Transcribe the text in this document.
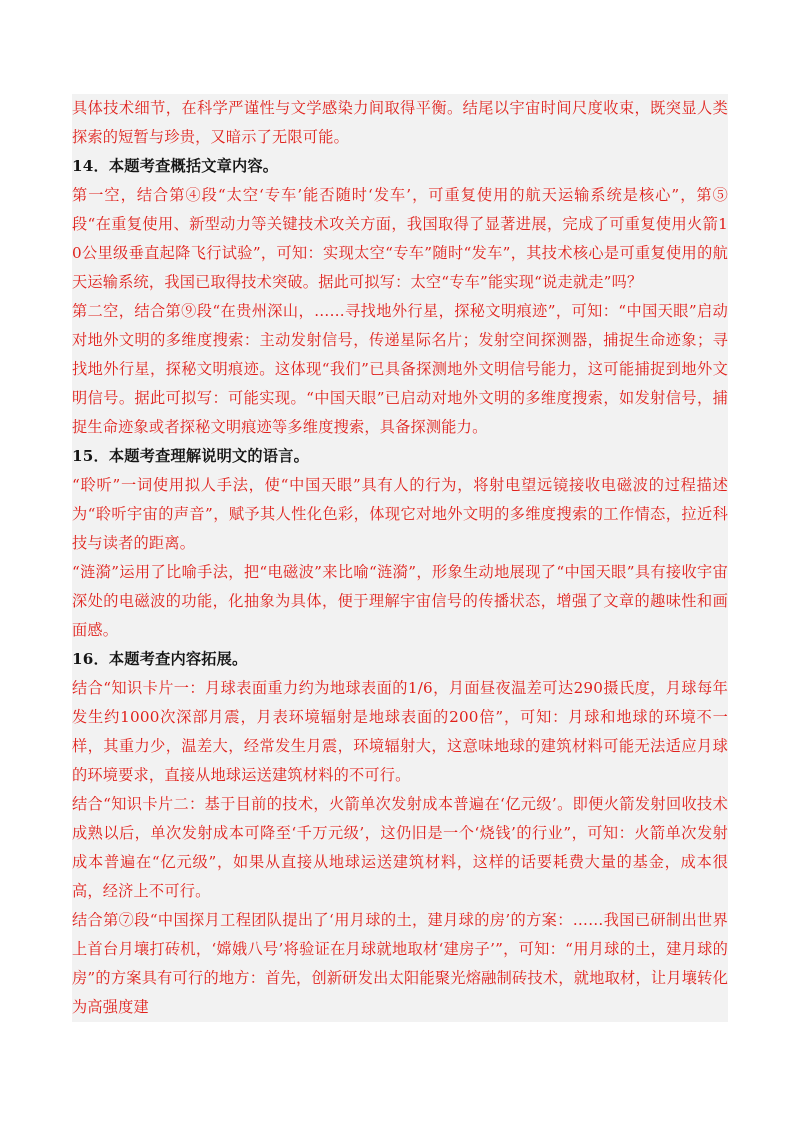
具体技术细节，在科学严谨性与文学感染力间取得平衡。结尾以宇宙时间尺度收束，既突显人类探索的短暂与珍贵，又暗示了无限可能。

14．本题考查概括文章内容。

第一空，结合第④段“太空‘专车’能否随时‘发车’，可重复使用的航天运输系统是核心”，第⑤段“在重复使用、新型动力等关键技术攻关方面，我国取得了显著进展，完成了可重复使用火箭10公里级垂直起降飞行试验”，可知：实现太空“专车”随时“发车”，其技术核心是可重复使用的航天运输系统，我国已取得技术突破。据此可拟写：太空“专车”能实现“说走就走”吗？

第二空，结合第⑨段“在贵州深山，……寻找地外行星，探秘文明痕迹”，可知：“中国天眼”启动对地外文明的多维度搜索：主动发射信号，传递星际名片；发射空间探测器，捕捉生命迹象；寻找地外行星，探秘文明痕迹。这体现“我们”已具备探测地外文明信号能力，这可能捕捉到地外文明信号。据此可拟写：可能实现。“中国天眼”已启动对地外文明的多维度搜索，如发射信号，捕捉生命迹象或者探秘文明痕迹等多维度搜索，具备探测能力。

15．本题考查理解说明文的语言。

“聆听”一词使用拟人手法，使“中国天眼”具有人的行为，将射电望远镜接收电磁波的过程描述为“聆听宇宙的声音”，赋予其人性化色彩，体现它对地外文明的多维度搜索的工作情态，拉近科技与读者的距离。

“涟漪”运用了比喻手法，把“电磁波”来比喻“涟漪”，形象生动地展现了“中国天眼”具有接收宇宙深处的电磁波的功能，化抽象为具体，便于理解宇宙信号的传播状态，增强了文章的趣味性和画面感。

16．本题考查内容拓展。

结合“知识卡片一：月球表面重力约为地球表面的1/6，月面昼夜温差可达290摄氏度，月球每年发生约1000次深部月震，月表环境辐射是地球表面的200倍”，可知：月球和地球的环境不一样，其重力少，温差大，经常发生月震，环境辐射大，这意味地球的建筑材料可能无法适应月球的环境要求，直接从地球运送建筑材料的不可行。

结合“知识卡片二：基于目前的技术，火箭单次发射成本普遍在‘亿元级’。即便火箭发射回收技术成熟以后，单次发射成本可降至‘千万元级’，这仍旧是一个‘烧钱’的行业”，可知：火箭单次发射成本普遍在“亿元级”，如果从直接从地球运送建筑材料，这样的话要耗费大量的基金，成本很高，经济上不可行。

结合第⑦段“中国探月工程团队提出了‘用月球的土，建月球的房’的方案：……我国已研制出世界上首台月壤打砖机，‘嫦娥八号’将验证在月球就地取材‘建房子’”，可知：“用月球的土，建月球的房”的方案具有可行的地方：首先，创新研发出太阳能聚光熔融制砖技术，就地取材，让月壤转化为高强度建
